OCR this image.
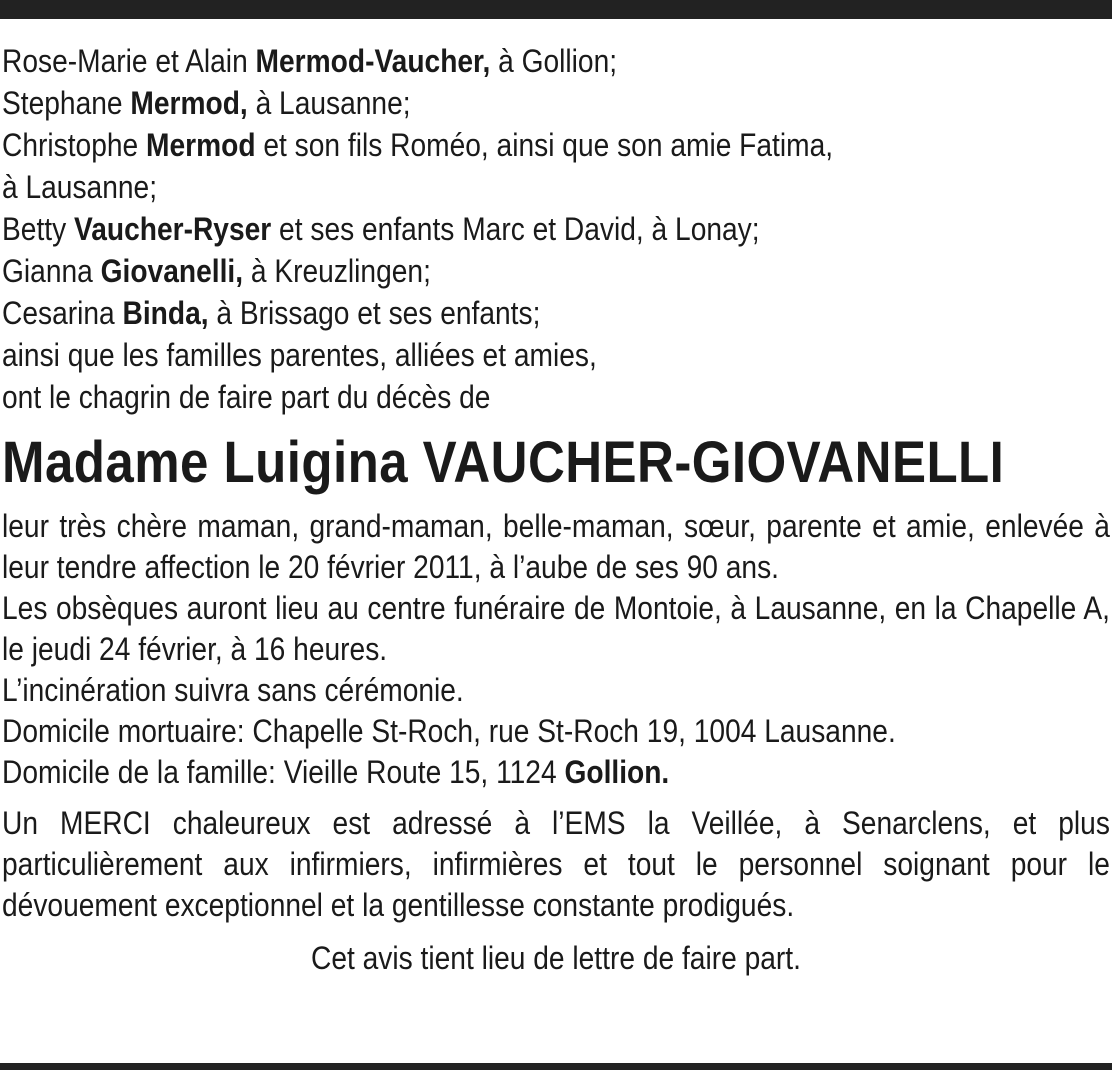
Rose-Marie et Alain Mermod-Vaucher, à Gollion;
Stephane Mermod, à Lausanne;
Christophe Mermod et son fils Roméo, ainsi que son amie Fatima,
à Lausanne;
Betty Vaucher-Ryser et ses enfants Marc et David, à Lonay;
Gianna Giovanelli, à Kreuzlingen;
Cesarina Binda, à Brissago et ses enfants;
ainsi que les familles parentes, alliées et amies,
ont le chagrin de faire part du décès de
Madame Luigina VAUCHER-GIOVANELLI

leur très chère maman, grand-maman, belle-maman, sœur, parente et amie, enlevée à leur tendre affection le 20 février 2011, à l’aube de ses 90 ans.

Les obsèques auront lieu au centre funéraire de Montoie, à Lausanne, en la Chapelle A, le jeudi 24 février, à 16 heures.

L’incinération suivra sans cérémonie.
Domicile mortuaire: Chapelle St-Roch, rue St-Roch 19, 1004 Lausanne.
Domicile de la famille: Vieille Route 15, 1124 Gollion.

Un MERCI chaleureux est adressé à l’EMS la Veillée, à Senarclens, et plus particulièrement aux infirmiers, infirmières et tout le personnel soignant pour le dévouement exceptionnel et la gentillesse constante prodigués.

Cet avis tient lieu de lettre de faire part.
